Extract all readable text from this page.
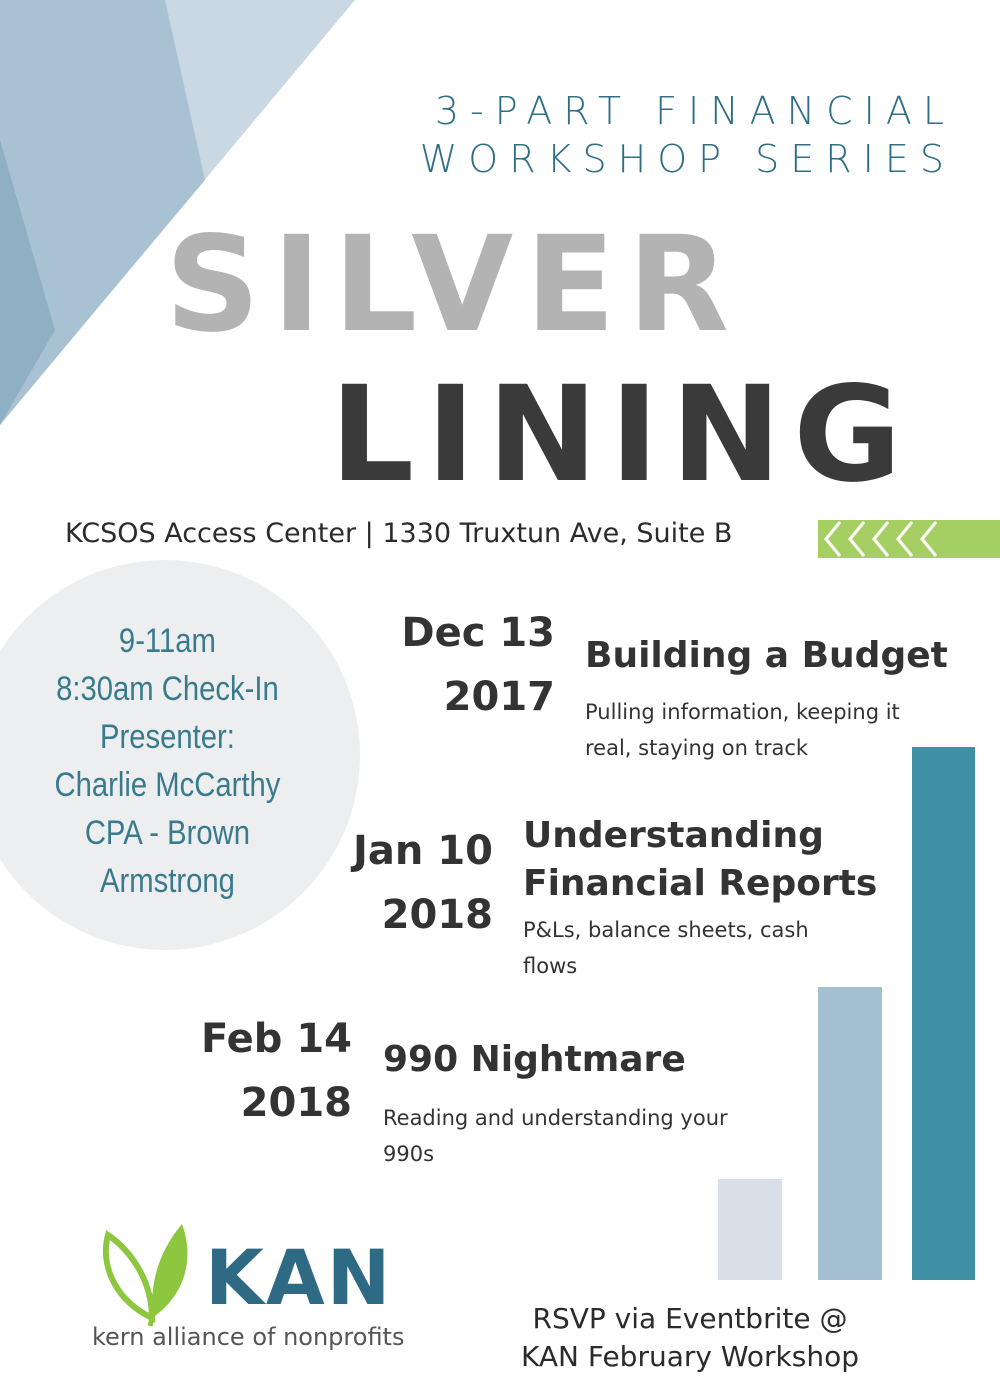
3-PART FINANCIAL
WORKSHOP SERIES
SILVER
LINING
KCSOS Access Center | 1330 Truxtun Ave, Suite B
9-11am
8:30am Check-In
Presenter:
Charlie McCarthy
CPA - Brown
Armstrong
Dec 13
2017
Building a Budget
Pulling information, keeping it
real, staying on track
Jan 10
2018
Understanding
Financial Reports
P&Ls, balance sheets, cash
flows
Feb 14
2018
990 Nightmare
Reading and understanding your
990s
KAN
kern alliance of nonprofits
RSVP via Eventbrite @
KAN February Workshop
